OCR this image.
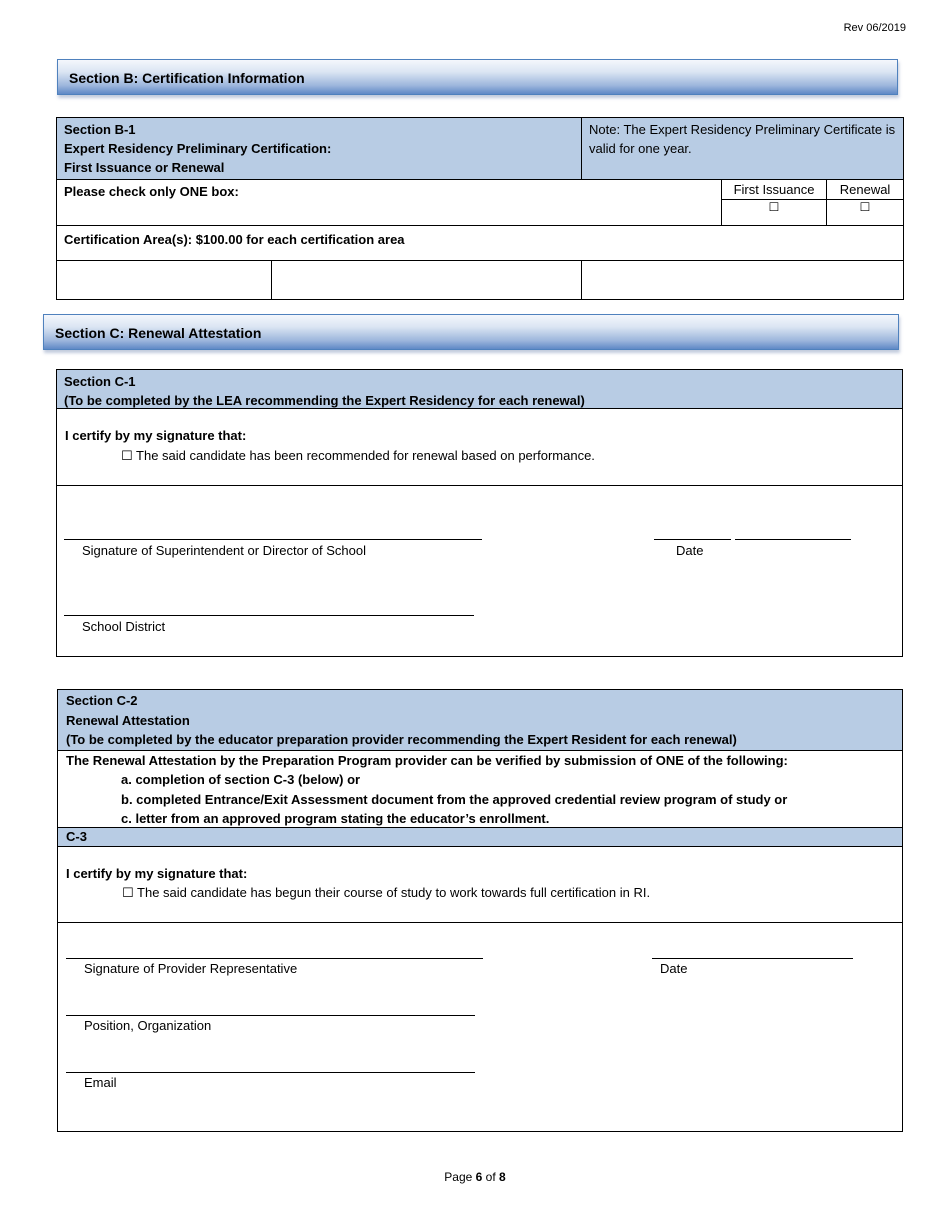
Rev 06/2019
Section B: Certification Information
Section B-1
Expert Residency Preliminary Certification:
First Issuance or Renewal		Note: The Expert Residency Preliminary Certificate is valid for one year.		
Please check only ONE box:			First Issuance	Renewal
			☐	☐
Certification Area(s): $100.00 for each certification area				

Section C: Renewal Attestation
Section C-1
(To be completed by the LEA recommending the Expert Residency for each renewal)
I certify by my signature that:
☐ The said candidate has been recommended for renewal based on performance.
Signature of Superintendent or Director of School	Date
School District
Section C-2
Renewal Attestation
(To be completed by the educator preparation provider recommending the Expert Resident for each renewal)
The Renewal Attestation by the Preparation Program provider can be verified by submission of ONE of the following:
a. completion of section C-3 (below) or
b. completed Entrance/Exit Assessment document from the approved credential review program of study or
c. letter from an approved program stating the educator’s enrollment.
C-3
I certify by my signature that:
☐ The said candidate has begun their course of study to work towards full certification in RI.
Signature of Provider Representative	Date
Position, Organization
Email
Page 6 of 8
